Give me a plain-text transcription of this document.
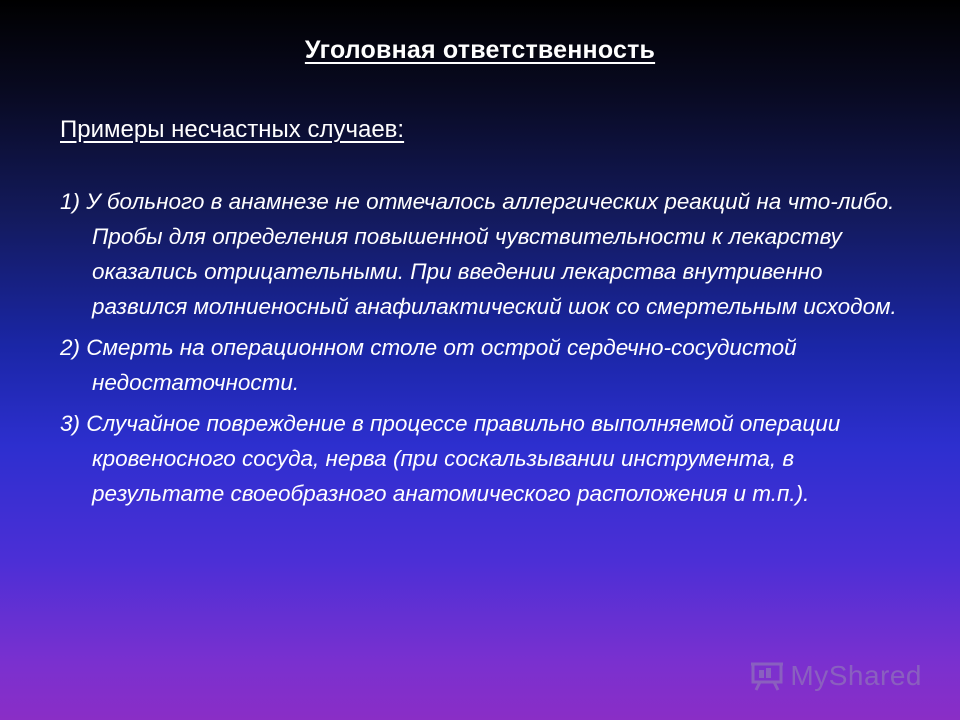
Уголовная ответственность
Примеры несчастных случаев:
1) У больного в анамнезе не отмечалось аллергических реакций на что-либо. Пробы для определения повышенной чувствительности к лекарству оказались отрицательными. При введении лекарства внутривенно развился молниеносный анафилактический шок со смертельным исходом.
2) Смерть на операционном столе от острой сердечно-сосудистой недостаточности.
3) Случайное повреждение в процессе правильно выполняемой операции кровеносного сосуда, нерва (при соскальзывании инструмента, в результате своеобразного анатомического расположения и т.п.).
MyShared
